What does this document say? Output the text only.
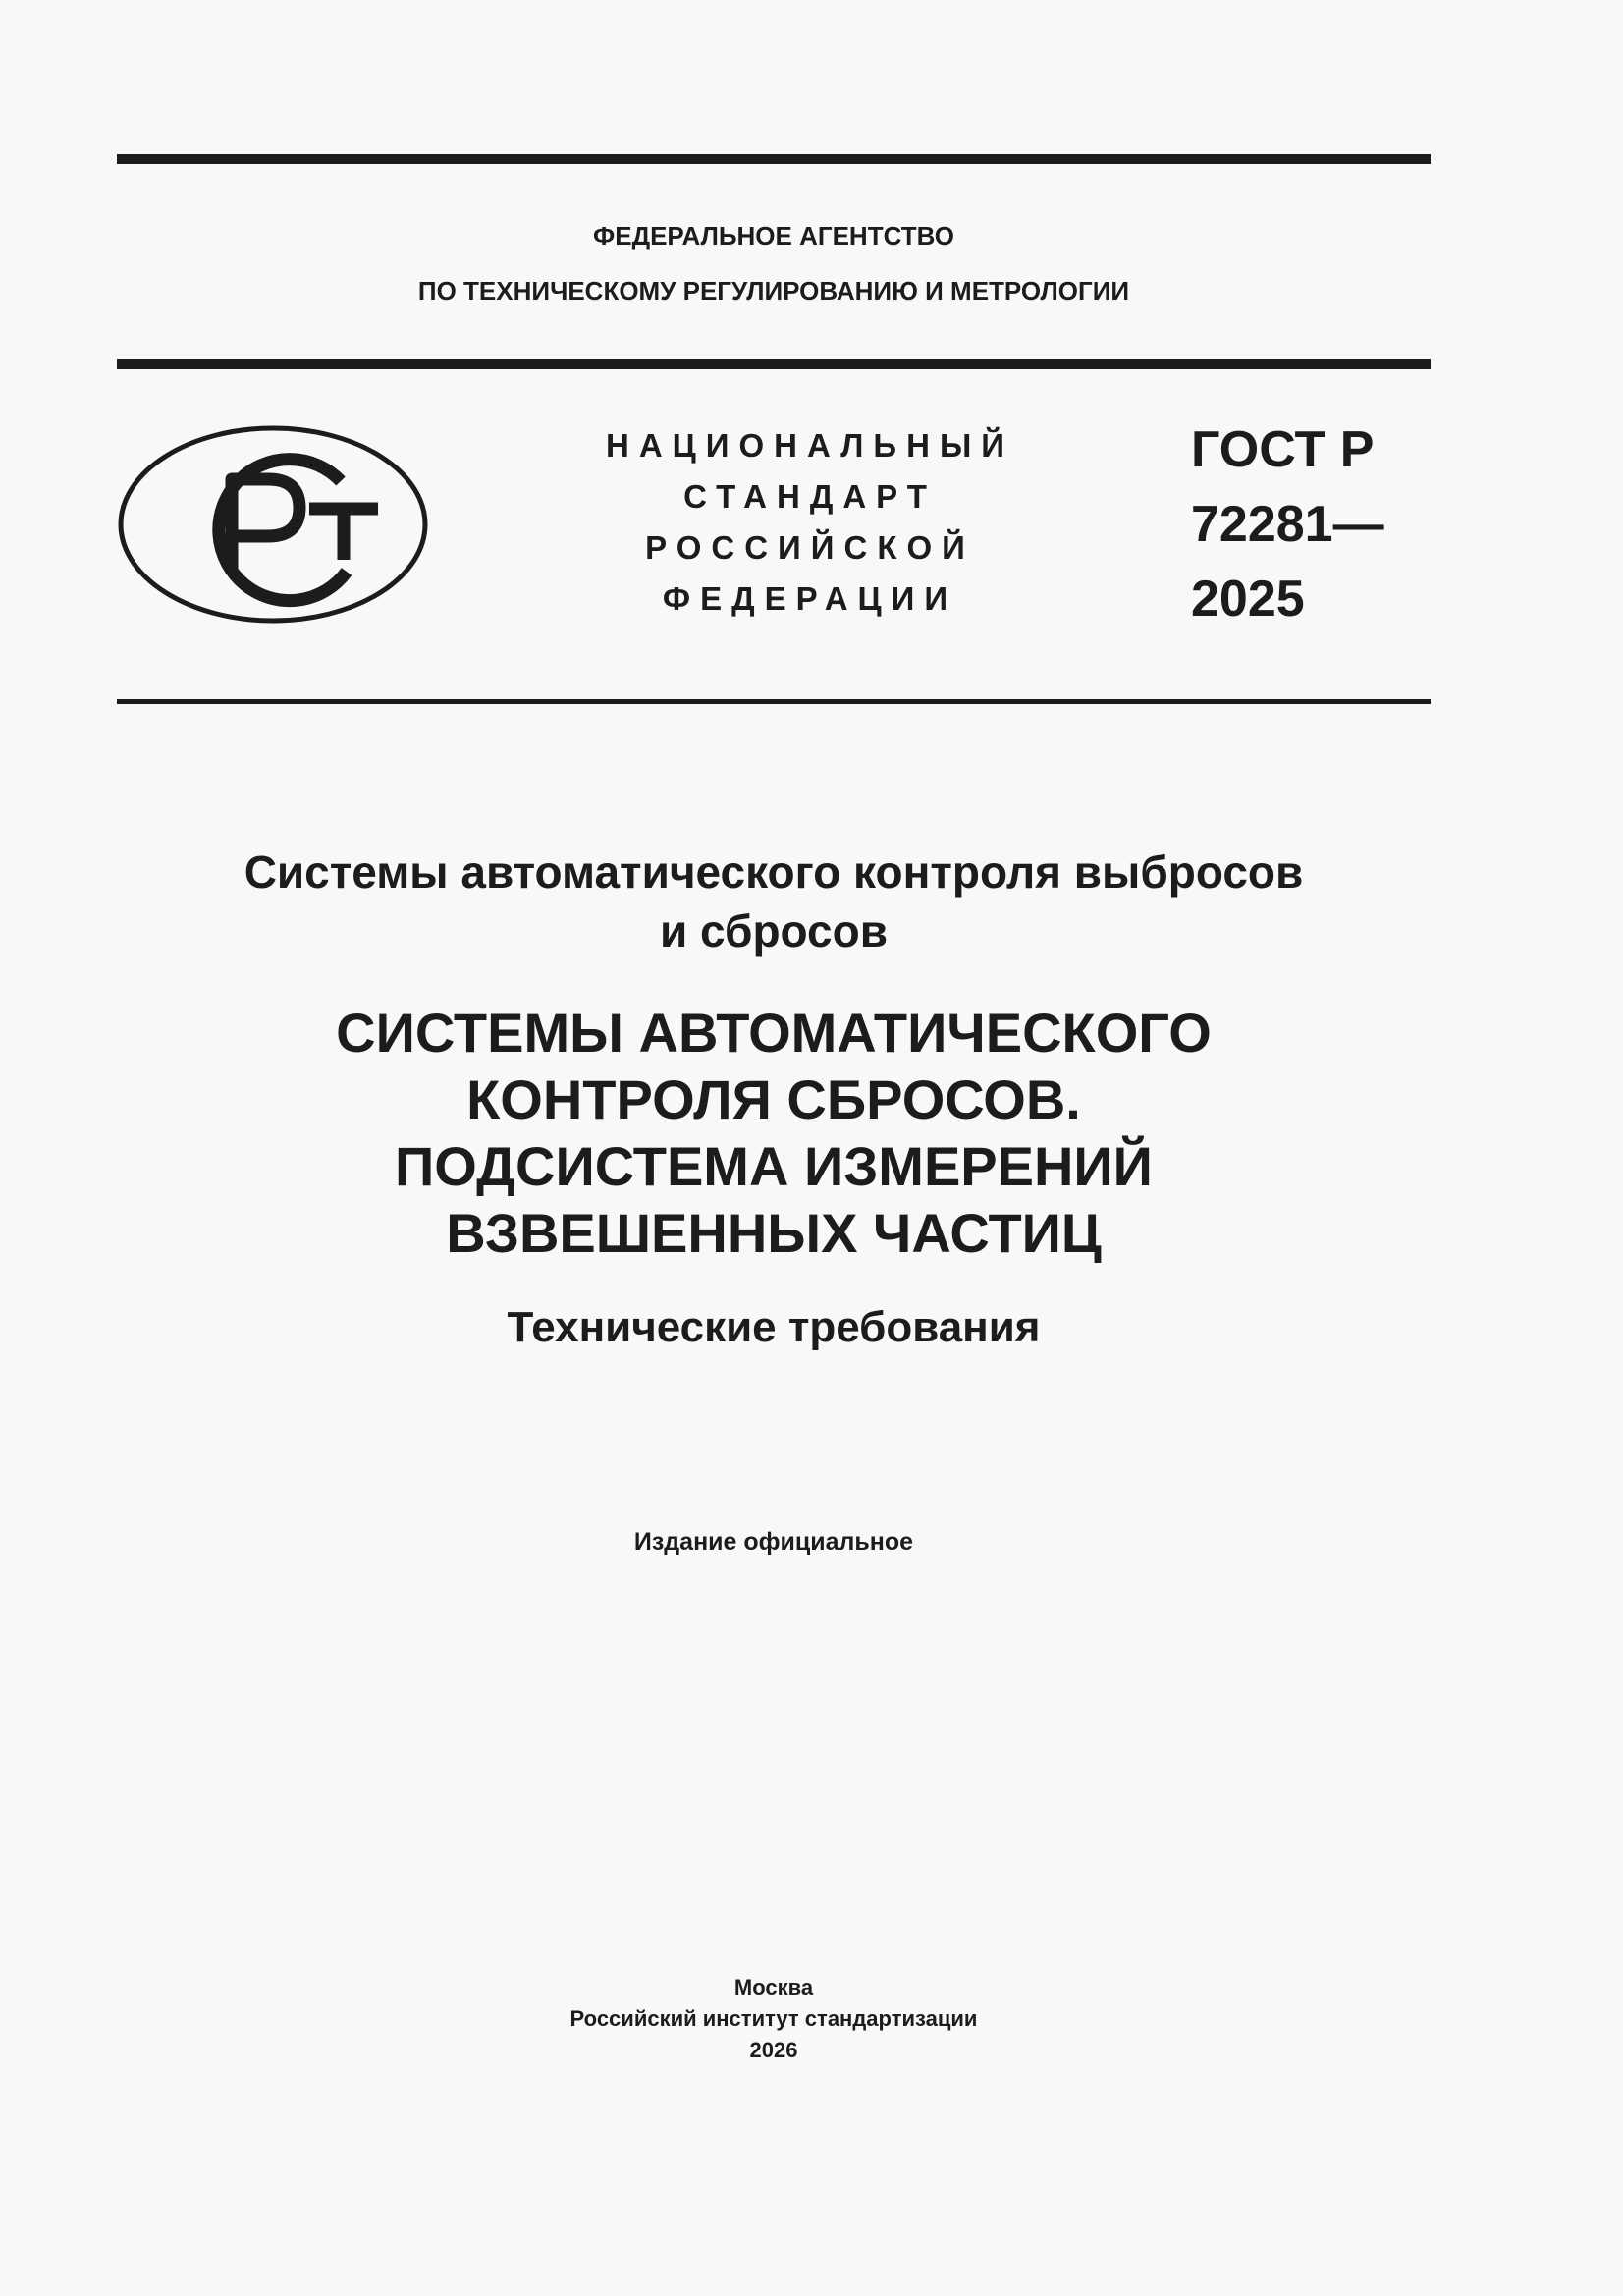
ФЕДЕРАЛЬНОЕ АГЕНТСТВО
ПО ТЕХНИЧЕСКОМУ РЕГУЛИРОВАНИЮ И МЕТРОЛОГИИ
НАЦИОНАЛЬНЫЙ
СТАНДАРТ
РОССИЙСКОЙ
ФЕДЕРАЦИИ
ГОСТ Р
72281—
2025
Системы автоматического контроля выбросов
и сбросов
СИСТЕМЫ АВТОМАТИЧЕСКОГО
КОНТРОЛЯ СБРОСОВ.
ПОДСИСТЕМА ИЗМЕРЕНИЙ
ВЗВЕШЕННЫХ ЧАСТИЦ
Технические требования
Издание официальное
Москва
Российский институт стандартизации
2026
